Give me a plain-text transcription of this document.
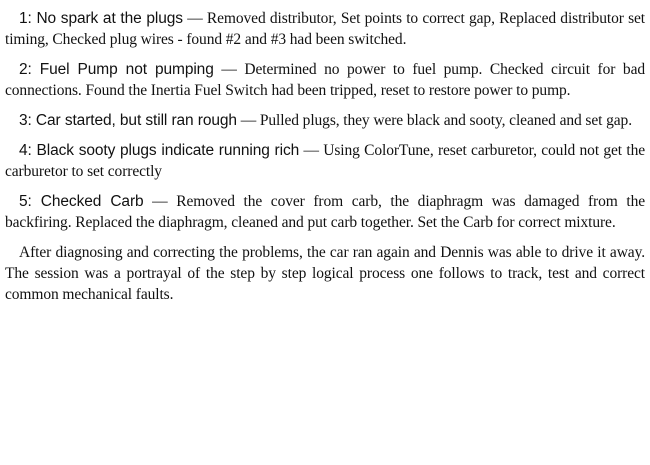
1: No spark at the plugs — Removed distributor, Set points to correct gap, Replaced distributor set timing, Checked plug wires - found #2 and #3 had been switched.

2: Fuel Pump not pumping — Determined no power to fuel pump. Checked circuit for bad connections. Found the Inertia Fuel Switch had been tripped, reset to restore power to pump.

3: Car started, but still ran rough — Pulled plugs, they were black and sooty, cleaned and set gap.

4: Black sooty plugs indicate running rich — Using ColorTune, reset carburetor, could not get the carburetor to set correctly

5: Checked Carb — Removed the cover from carb, the diaphragm was damaged from the backfiring. Replaced the diaphragm, cleaned and put carb together. Set the Carb for correct mixture.

After diagnosing and correcting the problems, the car ran again and Dennis was able to drive it away. The session was a portrayal of the step by step logical process one follows to track, test and correct common mechanical faults.
